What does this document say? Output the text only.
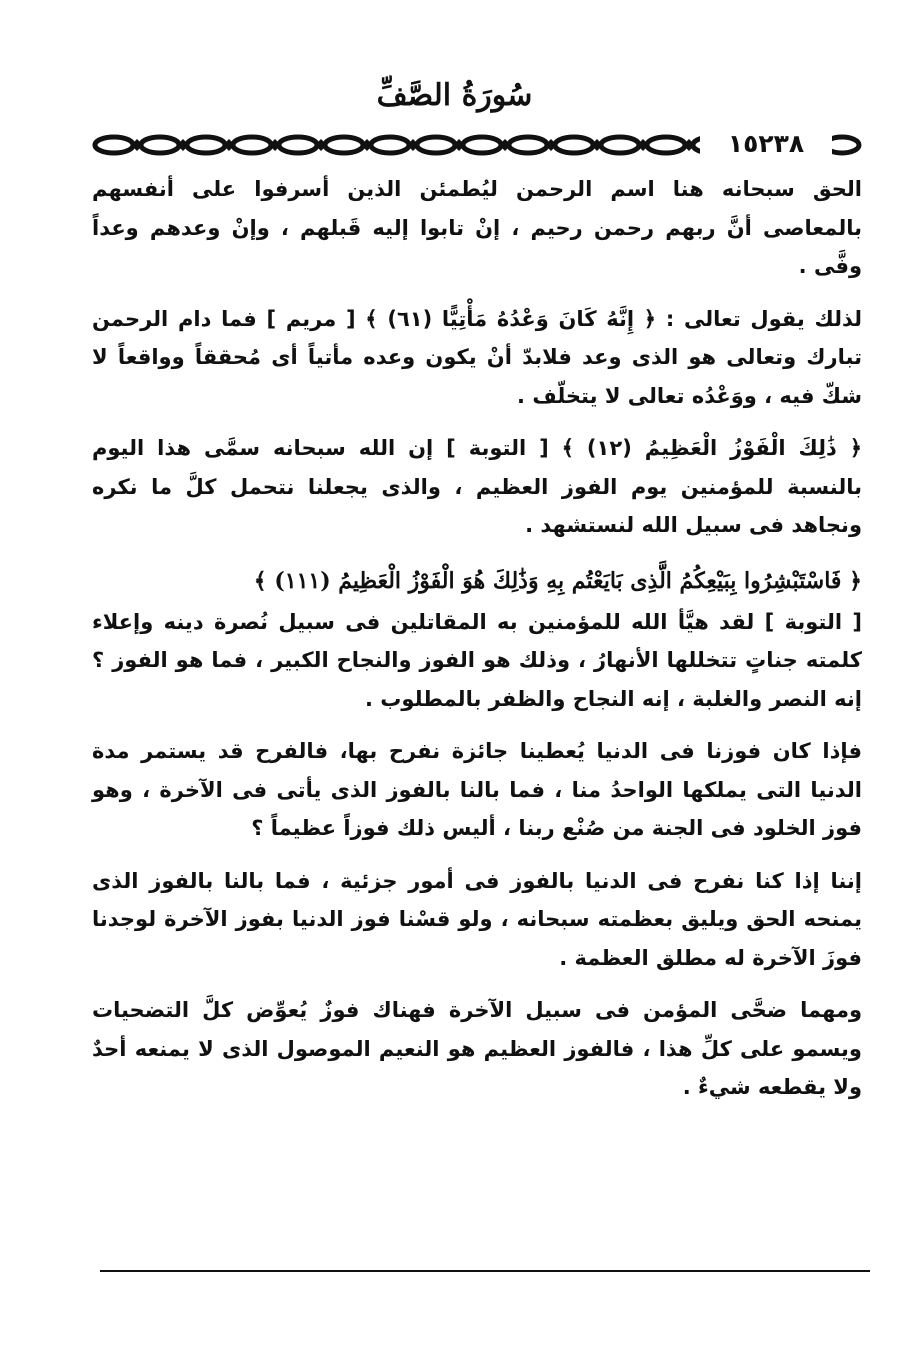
سُورَةُ الصَّفِّ
١٥٢٣٨

الحق سبحانه هنا اسم الرحمن ليُطمئن الذين أسرفوا على أنفسهم بالمعاصى أنَّ ربهم رحمن رحيم ، إنْ تابوا إليه قَبلهم ، وإنْ وعدهم وعداً وفَّى .

لذلك يقول تعالى : ﴿ إِنَّهُ كَانَ وَعْدُهُ مَأْتِيًّا (٦١) ﴾ [ مريم ] فما دام الرحمن تبارك وتعالى هو الذى وعد فلابدّ أنْ يكون وعده مأتياً أى مُحققاً وواقعاً لا شكّ فيه ، ووَعْدُه تعالى لا يتخلّف .

﴿ ذَٰلِكَ الْفَوْزُ الْعَظِيمُ (١٢) ﴾ [ التوبة ] إن الله سبحانه سمَّى هذا اليوم بالنسبة للمؤمنين يوم الفوز العظيم ، والذى يجعلنا نتحمل كلَّ ما نكره ونجاهد فى سبيل الله لنستشهد .

﴿ فَاسْتَبْشِرُوا بِبَيْعِكُمُ الَّذِى بَايَعْتُم بِهِ وَذَٰلِكَ هُوَ الْفَوْزُ الْعَظِيمُ (١١١) ﴾

[ التوبة ] لقد هيَّأ الله للمؤمنين به المقاتلين فى سبيل نُصرة دينه وإعلاء كلمته جناتٍ تتخللها الأنهارُ ، وذلك هو الفوز والنجاح الكبير ، فما هو الفوز ؟ إنه النصر والغلبة ، إنه النجاح والظفر بالمطلوب .

فإذا كان فوزنا فى الدنيا يُعطينا جائزة نفرح بها، فالفرح قد يستمر مدة الدنيا التى يملكها الواحدُ منا ، فما بالنا بالفوز الذى يأتى فى الآخرة ، وهو فوز الخلود فى الجنة من صُنْع ربنا ، أليس ذلك فوزاً عظيماً ؟

إننا إذا كنا نفرح فى الدنيا بالفوز فى أمور جزئية ، فما بالنا بالفوز الذى يمنحه الحق ويليق بعظمته سبحانه ، ولو قسْنا فوز الدنيا بفوز الآخرة لوجدنا فوزَ الآخرة له مطلق العظمة .

ومهما ضحَّى المؤمن فى سبيل الآخرة فهناك فوزٌ يُعوِّض كلَّ التضحيات ويسمو على كلِّ هذا ، فالفوز العظيم هو النعيم الموصول الذى لا يمنعه أحدٌ ولا يقطعه شيءٌ .
